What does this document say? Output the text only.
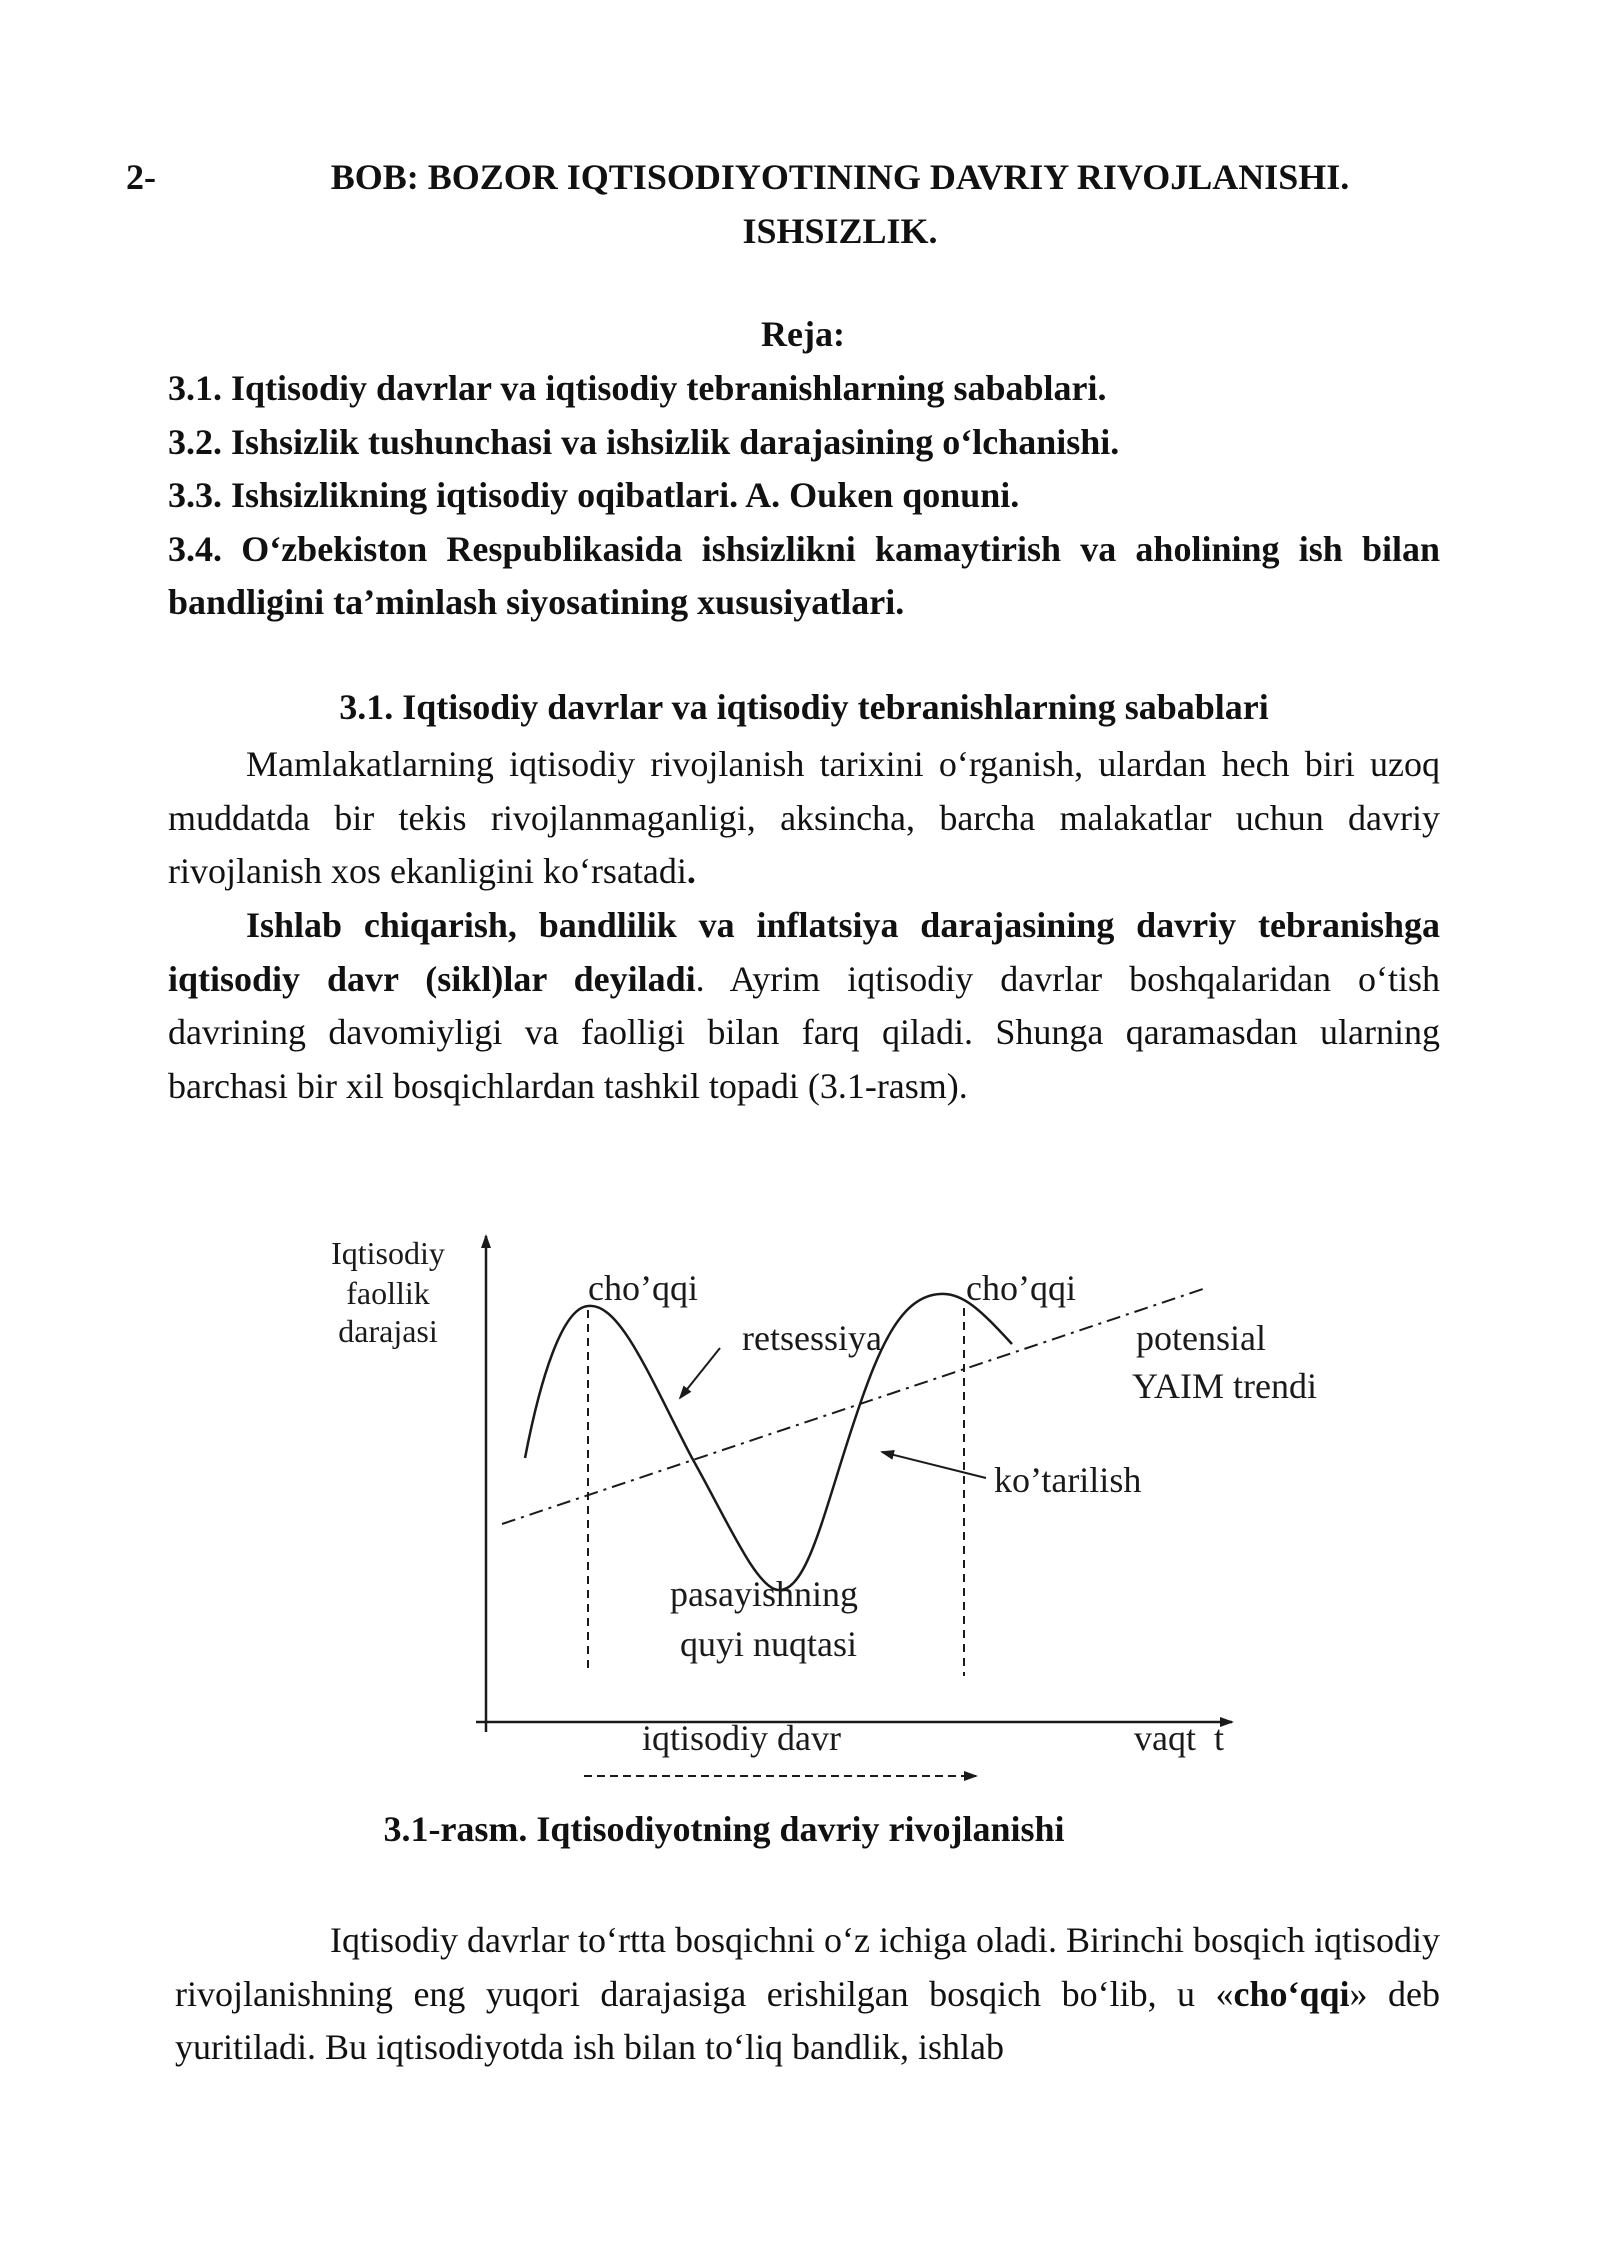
2-	BOB: BOZOR IQTISODIYOTINING DAVRIY RIVOJLANISHI.
ISHSIZLIK.
Reja:
3.1. Iqtisodiy davrlar va iqtisodiy tebranishlarning sabablari.
3.2. Ishsizlik tushunchasi va ishsizlik darajasining o‘lchanishi.
3.3. Ishsizlikning iqtisodiy oqibatlari. A. Ouken qonuni.
3.4. O‘zbekiston Respublikasida ishsizlikni kamaytirish va aholining ish bilan bandligini ta’minlash siyosatining xususiyatlari.
3.1. Iqtisodiy davrlar va iqtisodiy tebranishlarning sabablari

Mamlakatlarning iqtisodiy rivojlanish tarixini o‘rganish, ulardan hech biri uzoq muddatda bir tekis rivojlanmaganligi, aksincha, barcha malakatlar uchun davriy rivojlanish xos ekanligini ko‘rsatadi.

Ishlab chiqarish, bandlilik va inflatsiya darajasining davriy tebranishga iqtisodiy davr (sikl)lar deyiladi. Ayrim iqtisodiy davrlar boshqalaridan o‘tish davrining davomiyligi va faolligi bilan farq qiladi. Shunga qaramasdan ularning barchasi bir xil bosqichlardan tashkil topadi (3.1-rasm).

Iqtisodiy
faollik
darajasi
cho’qqi	cho’qqi
retsessiya	potensial
YAIM trendi
ko’tarilish
pasayishning
quyi nuqtasi
iqtisodiy davr	vaqt  t
3.1-rasm. Iqtisodiyotning davriy rivojlanishi

Iqtisodiy davrlar to‘rtta bosqichni o‘z ichiga oladi. Birinchi bosqich iqtisodiy rivojlanishning eng yuqori darajasiga erishilgan bosqich bo‘lib, u «cho‘qqi» deb yuritiladi. Bu iqtisodiyotda ish bilan to‘liq bandlik, ishlab
